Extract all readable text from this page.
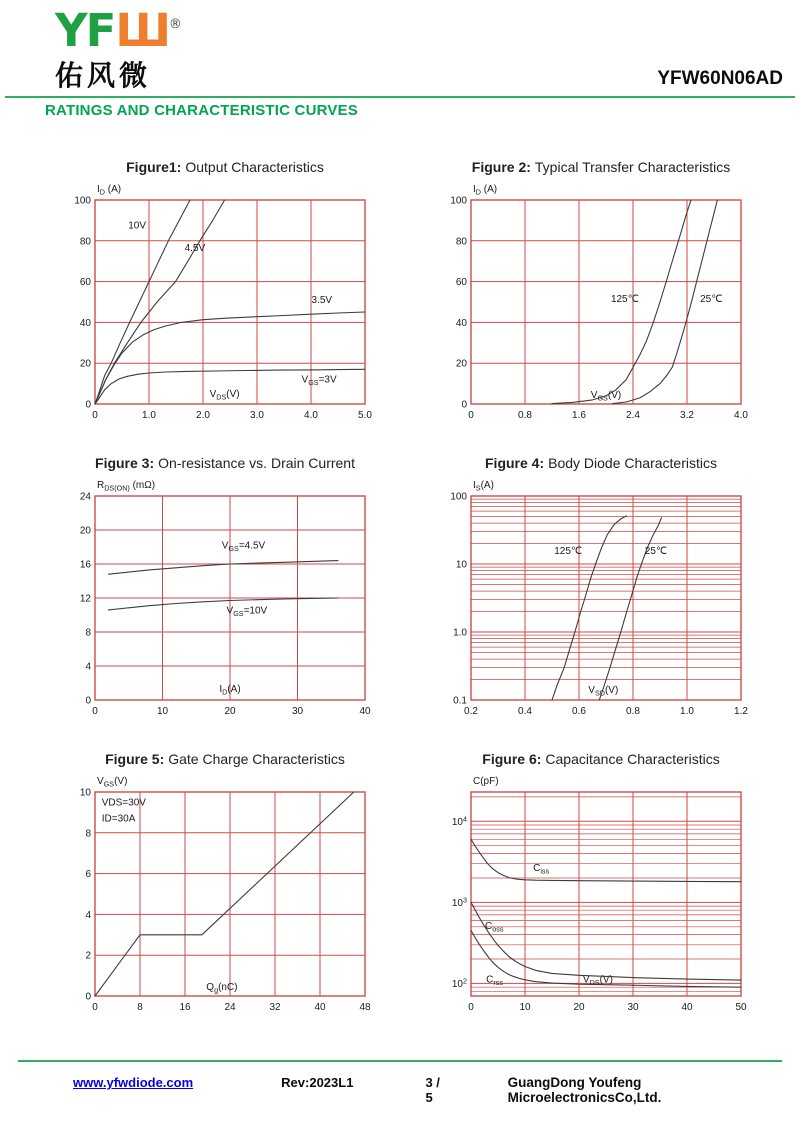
YFШ®
佑风微	YFW60N06AD
RATINGS AND CHARACTERISTIC CURVES
Figure1: Output Characteristics
0	1.0	2.0	3.0	4.0	5.0
0
20
40
60
80
100
$I_D$ (A)
$V_{DS}(V)$
10V
4.5V
3.5V
$V_{GS}=3V$
Figure 2: Typical Transfer Characteristics
0	0.8	1.6	2.4	3.2	4.0
0
20
40
60
80
100
$I_D$ (A)
$V_{GS}(V)$
125℃	25℃
Figure 3: On-resistance vs. Drain Current
0	10	20	30	40
0
4
8
12
16
20
24
$R_{DS(ON)}$ (mΩ)
$I_D(A)$
$V_{GS}=4.5V$
$V_{GS}=10V$
Figure 4: Body Diode Characteristics
0.2	0.4	0.6	0.8	1.0	1.2
0.1
1.0
10
100
$I_S(A)$
$V_{SD}(V)$
125℃	25℃
Figure 5: Gate Charge Characteristics
0	8	16	24	32	40	48
0
2
4
6
8
10
$V_{GS}(V)$
$Q_g(nC)$
VDS=30V
ID=30A
Figure 6: Capacitance Characteristics
0	10	20	30	40	50
$10^2$
$10^3$
$10^4$
C(pF)
$V_{DS}(V)$
$C_{iss}$
$C_{oss}$
$C_{rss}$
www.yfwdiode.com	Rev:2023L1	3 / 5
GuangDong Youfeng MicroelectronicsCo,Ltd.
